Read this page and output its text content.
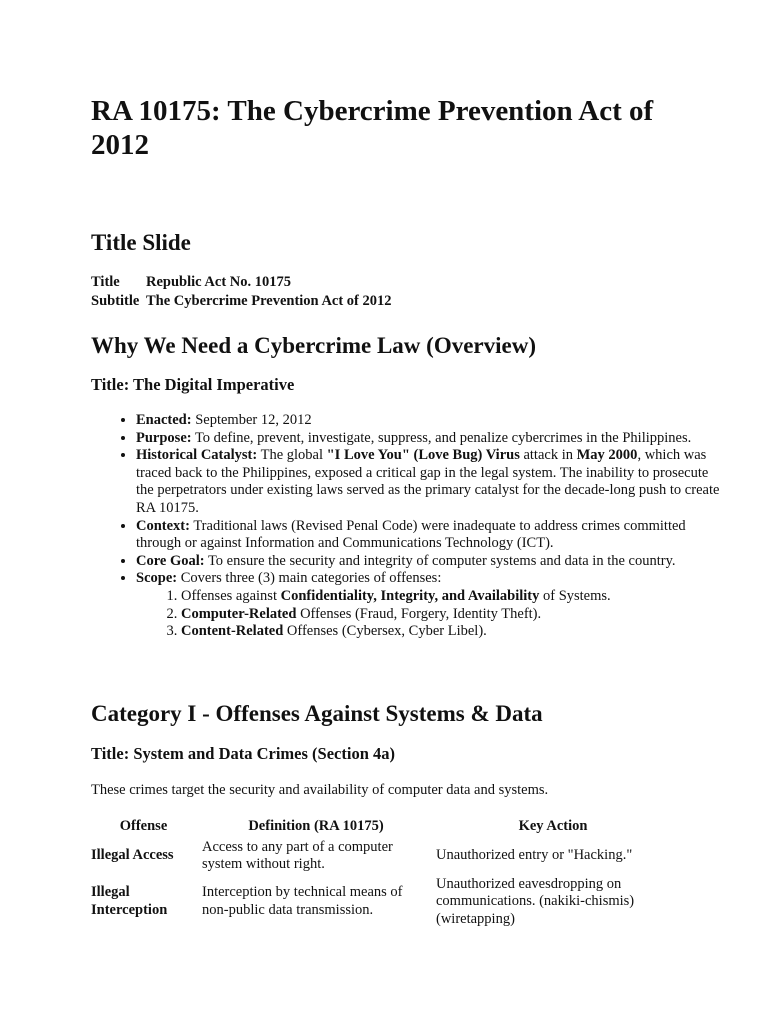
RA 10175: The Cybercrime Prevention Act of 2012
Title Slide
Title Republic Act No. 10175
Subtitle The Cybercrime Prevention Act of 2012
Why We Need a Cybercrime Law (Overview)
Title: The Digital Imperative
• Enacted: September 12, 2012
• Purpose: To define, prevent, investigate, suppress, and penalize cybercrimes in the Philippines.
• Historical Catalyst: The global "I Love You" (Love Bug) Virus attack in May 2000, which was traced back to the Philippines, exposed a critical gap in the legal system. The inability to prosecute the perpetrators under existing laws served as the primary catalyst for the decade-long push to create RA 10175.
• Context: Traditional laws (Revised Penal Code) were inadequate to address crimes committed through or against Information and Communications Technology (ICT).
• Core Goal: To ensure the security and integrity of computer systems and data in the country.
• Scope: Covers three (3) main categories of offenses:
1. Offenses against Confidentiality, Integrity, and Availability of Systems.
2. Computer-Related Offenses (Fraud, Forgery, Identity Theft).
3. Content-Related Offenses (Cybersex, Cyber Libel).
Category I - Offenses Against Systems & Data
Title: System and Data Crimes (Section 4a)

These crimes target the security and availability of computer data and systems.

Offense	Definition (RA 10175)	Key Action
Illegal Access	Access to any part of a computer system without right.	Unauthorized entry or "Hacking."
Illegal Interception	Interception by technical means of non-public data transmission.	Unauthorized eavesdropping on communications. (nakiki-chismis) (wiretapping)
